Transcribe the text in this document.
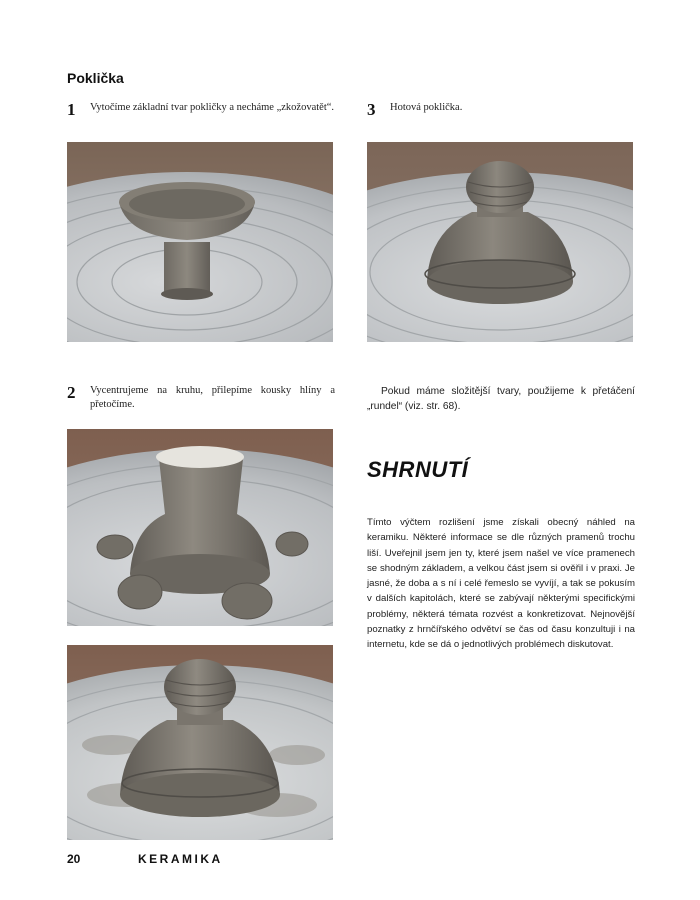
Poklička
1 Vytočíme základní tvar pokličky a necháme „zkožovatět“. 3 Hotová poklička.
2 Vycentrujeme na kruhu, přilepíme kousky hlíny a přetočíme.
Pokud máme složitější tvary, použijeme k přetáčení „rundel“ (viz. str. 68).
SHRNUTÍ
Tímto výčtem rozlišení jsme získali obecný náhled na keramiku. Některé informace se dle různých pramenů trochu liší. Uveřejnil jsem jen ty, které jsem našel ve více pramenech se shodným základem, a velkou část jsem si ověřil i v praxi. Je jasné, že doba a s ní i celé řemeslo se vyvíjí, a tak se pokusím v dalších kapitolách, které se zabývají některými specifickými problémy, některá témata rozvést a konkretizovat. Nejnovější poznatky z hrnčířského odvětví se čas od času konzultuji i na internetu, kde se dá o jednotlivých problémech diskutovat.
20	KERAMIKA
